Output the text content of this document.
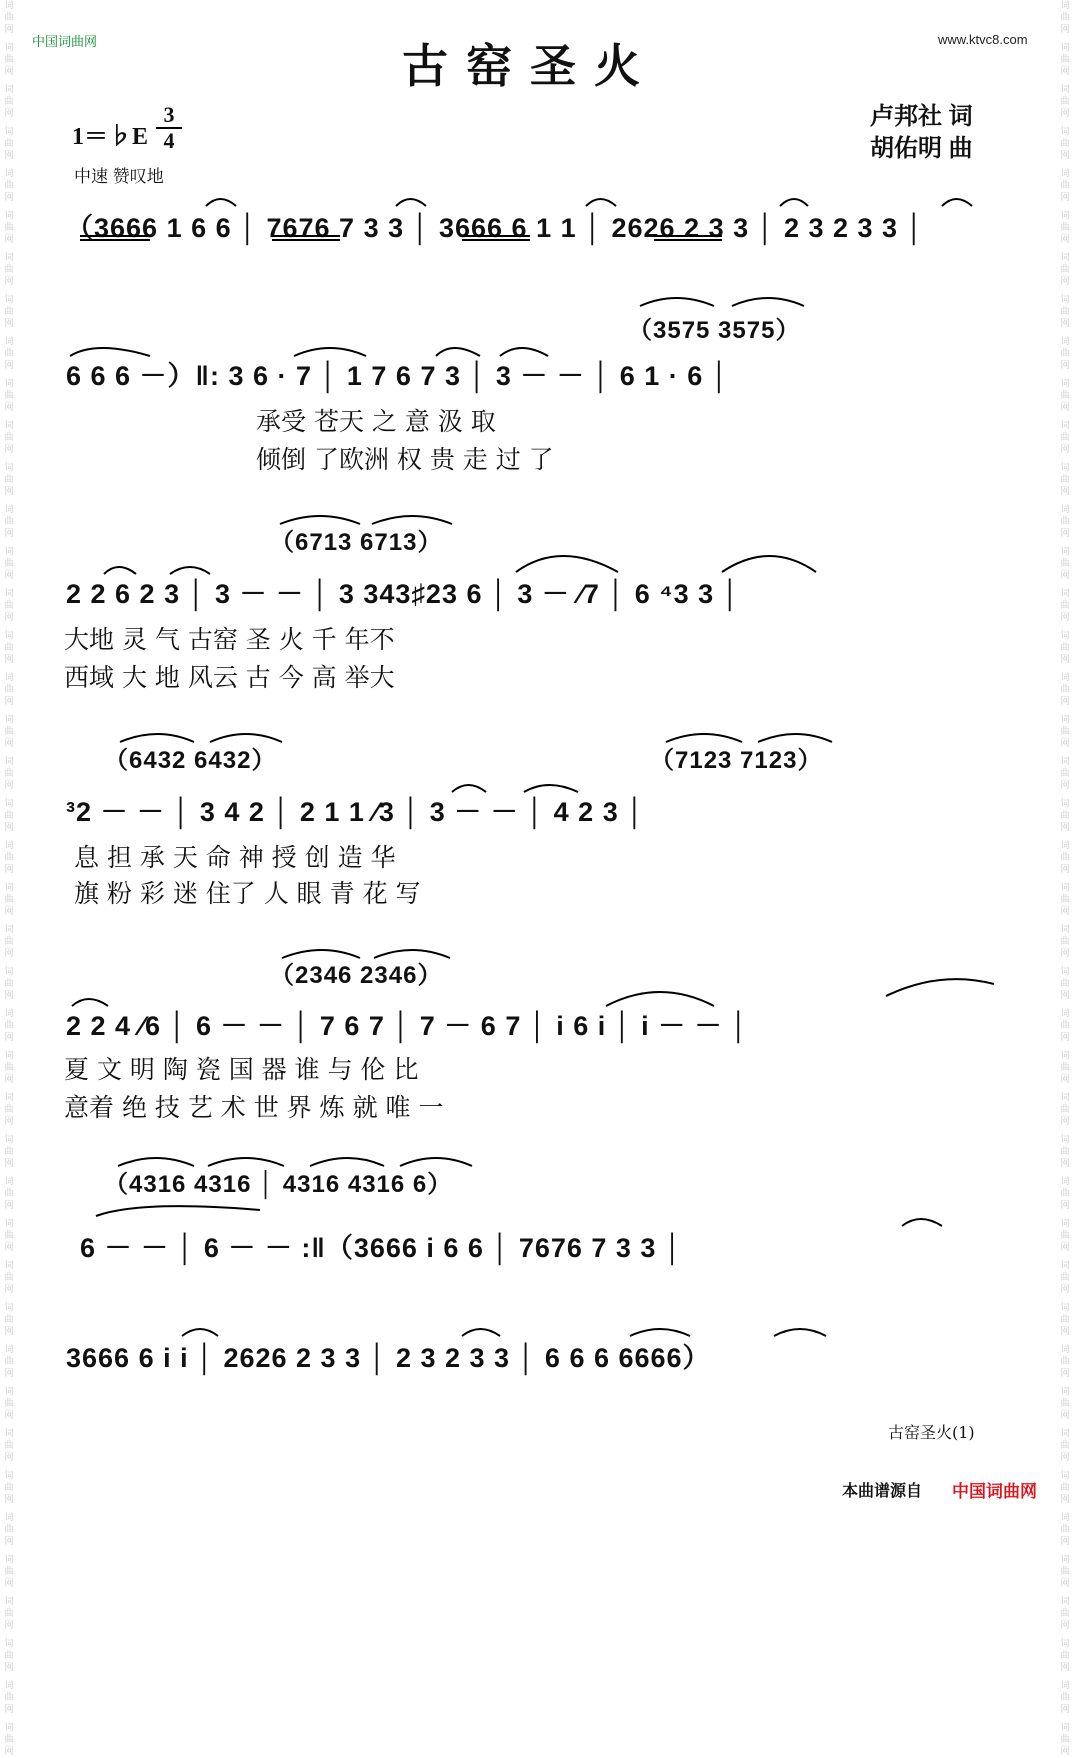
词
曲
网
词
曲
网
词
曲
网
词
曲
网
词
曲
网
词
曲
网
词
曲
网
词
曲
网
词
曲
网
词
曲
网
词
曲
网
词
曲
网
词
曲
网
词
曲
网
词
曲
网
词
曲
网
词
曲
网
词
曲
网
词
曲
网
词
曲
网
词
曲
网
词
曲
网
词
曲
网
词
曲
网
词
曲
网
词
曲
网
词
曲
网
词
曲
网
词
曲
网
词
曲
网
词
曲
网
词
曲
网
词
曲
网
词
曲
网
词
曲
网
词
曲
网
词
曲
网
词
曲
网
词
曲
网
词
曲
网
词
曲
网
词
曲
网
词
曲
网
词
曲
网
词
曲
网
词
曲
网
词
曲
网
词
曲
网
词
曲
网
词
曲
网
词
曲
网
词
曲
网
词
曲
网
词
曲
网
词
曲
网
词
曲
网
词
曲
网
词
曲
网
词
曲
网
词
曲
网
词
曲
网
词
曲
网
词
曲
网
词
曲
网
词
曲
网
词
曲
网
词
曲
网
词
曲
网
词
曲
网
词
曲
网
词
曲
网
词
曲
网
词
曲
网
词
曲
网
词
曲
网
词
曲
网
词
曲
网
词
曲
网
词
曲
网
词
曲
网
词
曲
网
词
曲
网
词
曲
网
词
曲
网
中国词曲网	www.ktvc8.com
古窑圣火
卢邦社 词
胡佑明 曲
1＝♭E
3
4
中速 赞叹地
（3666 1 6 6 │ 7676 7 3 3 │ 3666 6 1 1 │ 2626 2 3 3 │ 2 3 2 3 3 │
（3575 3575）
6 6 6 －）‖: 3 6 · 7 │ 1 7 6 7 3 │ 3 － － │ 6 1 · 6 │
承受 苍天 之 意 汲 取
倾倒 了欧洲 权 贵 走 过 了
（6713 6713）
2 2 6 2 3 │ 3 － － │ 3 343♯23 6 │ 3 － ⁄7 │ 6 ⁴3 3 │
大地 灵 气 古窑 圣 火 千 年不
西域 大 地 风云 古 今 高 举大
（6432 6432）	（7123 7123）
³2 － － │ 3 4 2 │ 2 1 1 ⁄3 │ 3 － － │ 4 2 3 │
息 担 承 天 命 神 授 创 造 华
旗 粉 彩 迷 住了 人 眼 青 花 写
（2346 2346）
2 2 4 ⁄6 │ 6 － － │ 7 6 7 │ 7 － 6 7 │ i 6 i │ i － － │
夏 文 明 陶 瓷 国 器 谁 与 伦 比
意着 绝 技 艺 术 世 界 炼 就 唯 一
（4316 4316 │ 4316 4316 6）
6 － － │ 6 － － :‖（3666 i 6 6 │ 7676 7 3 3 │
3666 6 i i │ 2626 2 3 3 │ 2 3 2 3 3 │ 6 6 6 6666）
古窑圣火(1)
本曲谱源自 中国词曲网
